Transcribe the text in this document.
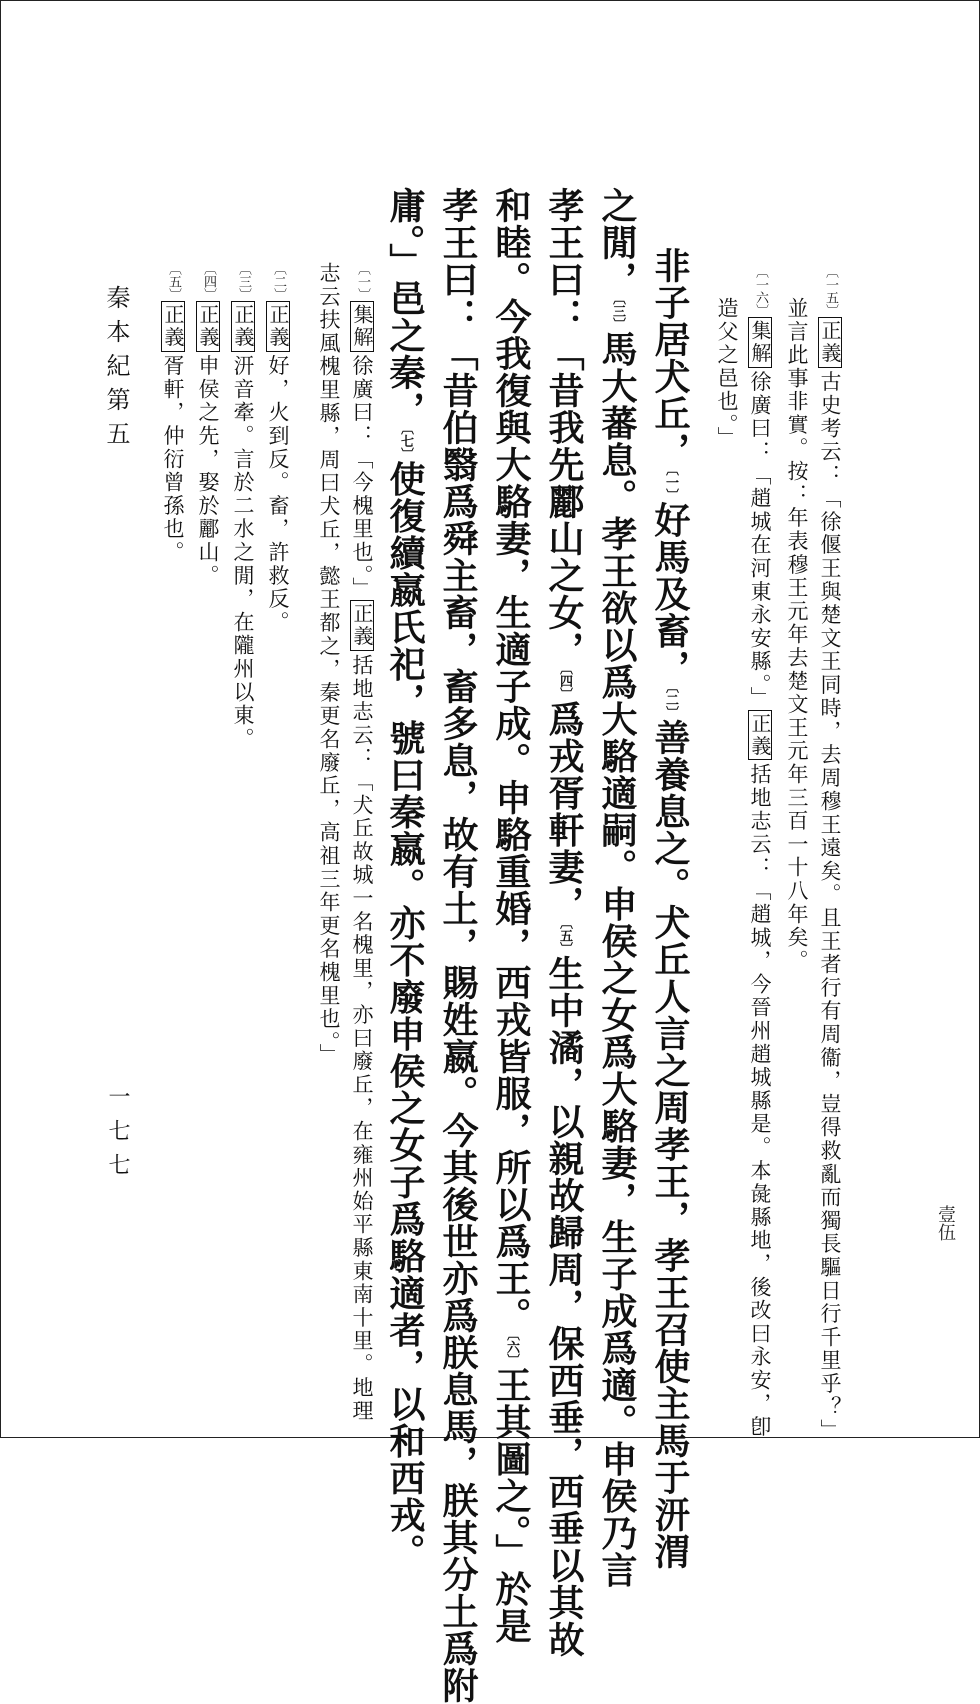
〔一五〕正義古史考云：「徐偃王與楚文王同時，去周穆王遠矣。且王者行有周衞，豈得救亂而獨長驅日行千里乎？」
並言此事非實。按：年表穆王元年去楚文王元年三百一十八年矣。
〔一六〕集解徐廣曰：「趙城在河東永安縣。」正義括地志云：「趙城，今晉州趙城縣是。本彘縣地，後改曰永安，卽
造父之邑也。」
非子居犬丘，〔一〕好馬及畜，〔二〕善養息之。犬丘人言之周孝王，孝王召使主馬于汧渭
之閒，〔三〕馬大蕃息。孝王欲以爲大駱適嗣。申侯之女爲大駱妻，生子成爲適。申侯乃言
孝王曰：「昔我先酈山之女，〔四〕爲戎胥軒妻，〔五〕生中潏，以親故歸周，保西垂，西垂以其故
和睦。今我復與大駱妻，生適子成。申駱重婚，西戎皆服，所以爲王。〔六〕王其圖之。」於是
孝王曰：「昔伯翳爲舜主畜，畜多息，故有土，賜姓嬴。今其後世亦爲朕息馬，朕其分土爲附
庸。」邑之秦，〔七〕使復續嬴氏祀，號曰秦嬴。亦不廢申侯之女子爲駱適者，以和西戎。
〔一〕集解徐廣曰：「今槐里也。」正義括地志云：「犬丘故城一名槐里，亦曰廢丘，在雍州始平縣東南十里。地理
志云扶風槐里縣，周曰犬丘，懿王都之，秦更名廢丘，高祖三年更名槐里也。」
〔二〕正義好，火到反。畜，許救反。
〔三〕正義汧音牽。言於二水之閒，在隴州以東。
〔四〕正義申侯之先，娶於酈山。
〔五〕正義胥軒，仲衍曾孫也。
秦本紀第五
一七七
壹伍
